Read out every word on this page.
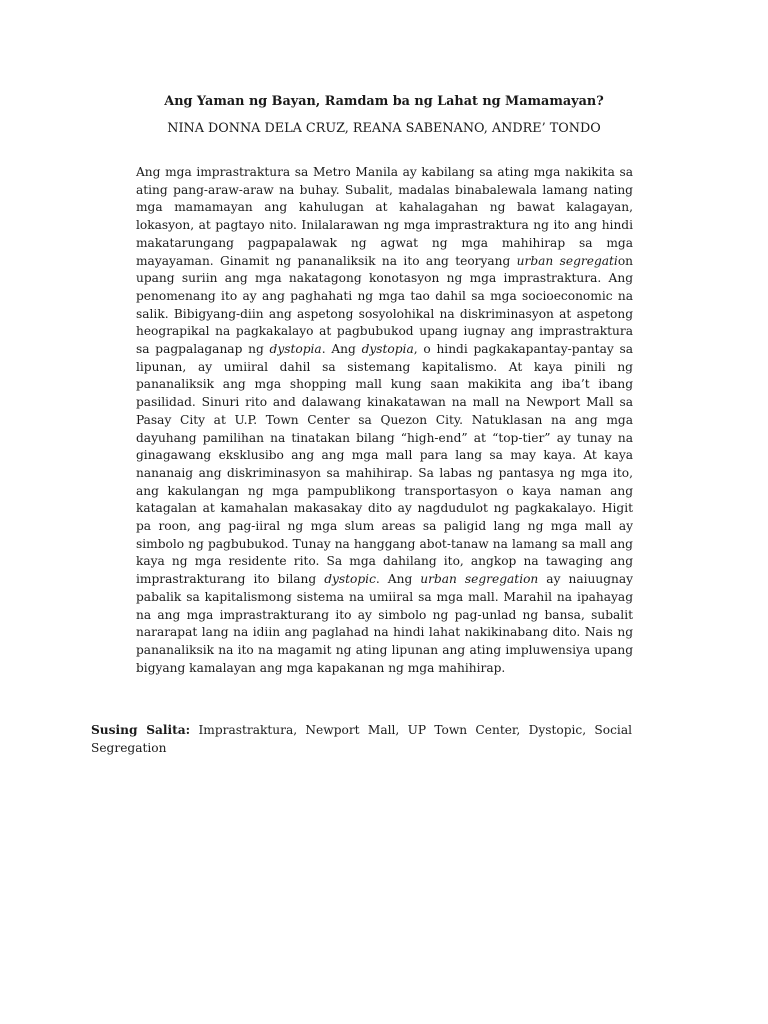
Ang Yaman ng Bayan, Ramdam ba ng Lahat ng Mamamayan?
NINA DONNA DELA CRUZ, REANA SABENANO, ANDRE’ TONDO

Ang mga imprastraktura sa Metro Manila ay kabilang sa ating mga nakikita sa ating pang-araw-araw na buhay. Subalit, madalas binabalewala lamang nating mga mamamayan ang kahulugan at kahalagahan ng bawat kalagayan, lokasyon, at pagtayo nito. Inilalarawan ng mga imprastraktura ng ito ang hindi makatarungang pagpapalawak ng agwat ng mga mahihirap sa mga mayayaman. Ginamit ng pananaliksik na ito ang teoryang urban segregation upang suriin ang mga nakatagong konotasyon ng mga imprastraktura. Ang penomenang ito ay ang paghahati ng mga tao dahil sa mga socioeconomic na salik. Bibigyang-diin ang aspetong sosyolohikal na diskriminasyon at aspetong heograpikal na pagkakalayo at pagbubukod upang iugnay ang imprastraktura sa pagpalaganap ng dystopia. Ang dystopia, o hindi pagkakapantay-pantay sa lipunan, ay umiiral dahil sa sistemang kapitalismo. At kaya pinili ng pananaliksik ang mga shopping mall kung saan makikita ang iba’t ibang pasilidad. Sinuri rito and dalawang kinakatawan na mall na Newport Mall sa Pasay City at U.P. Town Center sa Quezon City. Natuklasan na ang mga dayuhang pamilihan na tinatakan bilang “high-end” at “top-tier” ay tunay na ginagawang eksklusibo ang ang mga mall para lang sa may kaya. At kaya nananaig ang diskriminasyon sa mahihirap. Sa labas ng pantasya ng mga ito, ang kakulangan ng mga pampublikong transportasyon o kaya naman ang katagalan at kamahalan makasakay dito ay nagdudulot ng pagkakalayo. Higit pa roon, ang pag-iiral ng mga slum areas sa paligid lang ng mga mall ay simbolo ng pagbubukod. Tunay na hanggang abot-tanaw na lamang sa mall ang kaya ng mga residente rito. Sa mga dahilang ito, angkop na tawaging ang imprastrakturang ito bilang dystopic. Ang urban segregation ay naiuugnay pabalik sa kapitalismong sistema na umiiral sa mga mall. Marahil na ipahayag na ang mga imprastrakturang ito ay simbolo ng pag-unlad ng bansa, subalit nararapat lang na idiin ang paglahad na hindi lahat nakikinabang dito. Nais ng pananaliksik na ito na magamit ng ating lipunan ang ating impluwensiya upang bigyang kamalayan ang mga kapakanan ng mga mahihirap.

Susing Salita: Imprastraktura, Newport Mall, UP Town Center, Dystopic, Social Segregation
